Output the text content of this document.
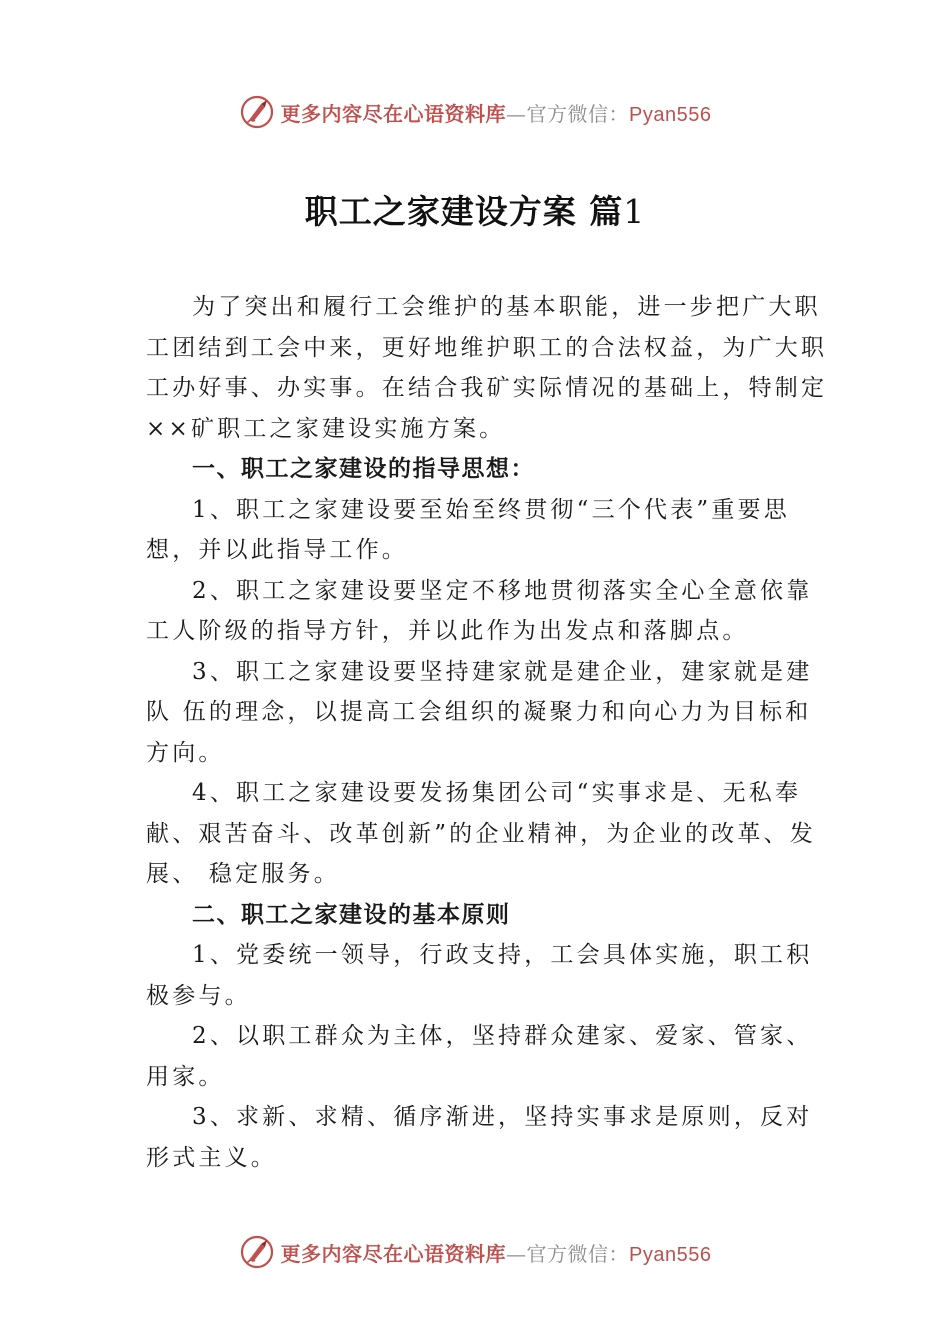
更多内容尽在心语资料库—官方微信：Pyan556
职工之家建设方案 篇1

为了突出和履行工会维护的基本职能，进一步把广大职工团结到工会中来，更好地维护职工的合法权益，为广大职工办好事、办实事。在结合我矿实际情况的基础上，特制定××矿职工之家建设实施方案。

一、职工之家建设的指导思想：

1、职工之家建设要至始至终贯彻“三个代表”重要思想，并以此指导工作。

2、职工之家建设要坚定不移地贯彻落实全心全意依靠工人阶级的指导方针，并以此作为出发点和落脚点。

3、职工之家建设要坚持建家就是建企业，建家就是建队 伍的理念，以提高工会组织的凝聚力和向心力为目标和方向。

4、职工之家建设要发扬集团公司“实事求是、无私奉献、艰苦奋斗、改革创新”的企业精神，为企业的改革、发展、 稳定服务。

二、职工之家建设的基本原则

1、党委统一领导，行政支持，工会具体实施，职工积极参与。

2、以职工群众为主体，坚持群众建家、爱家、管家、用家。

3、求新、求精、循序渐进，坚持实事求是原则，反对形式主义。

更多内容尽在心语资料库—官方微信：Pyan556
